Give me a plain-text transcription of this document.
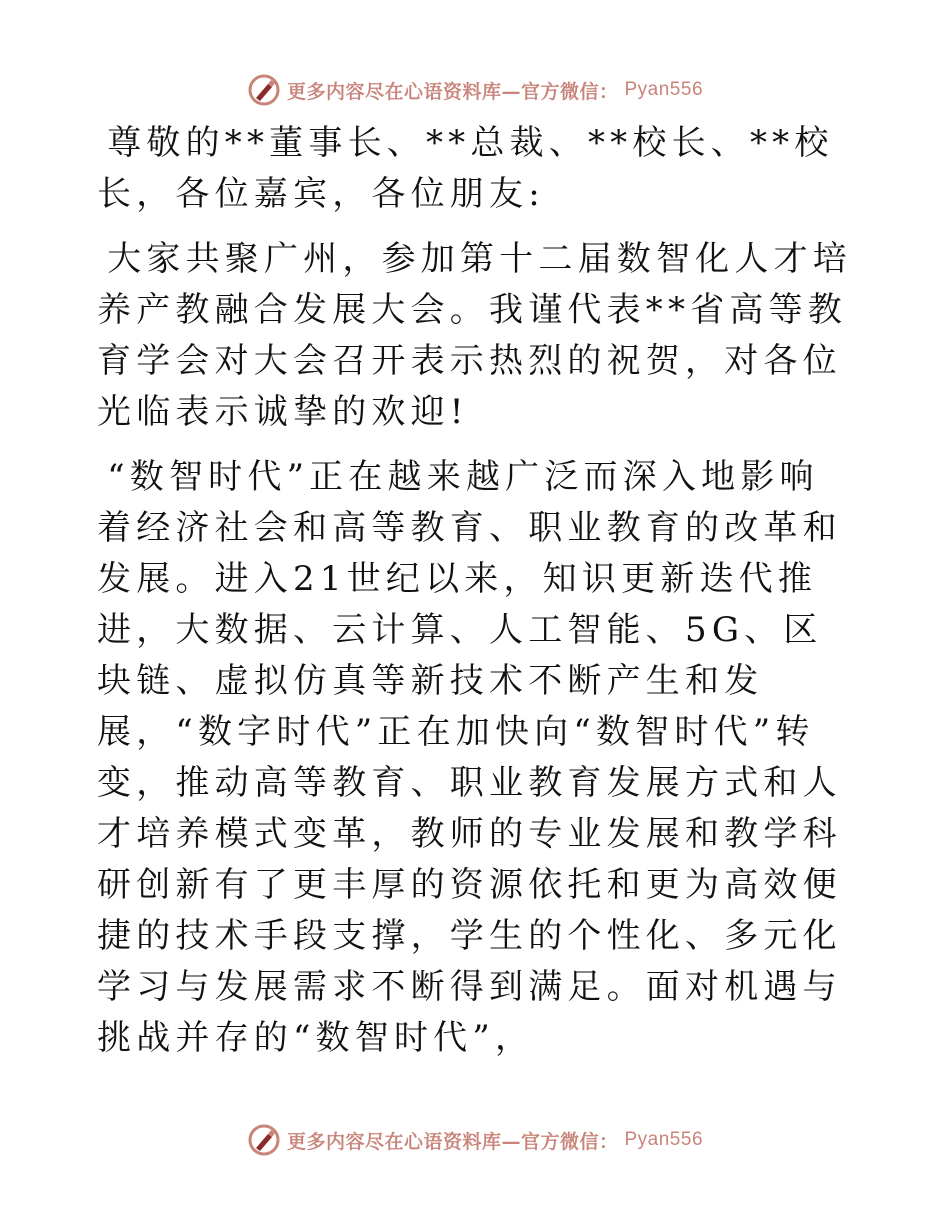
更多内容尽在心语资料库—官方微信： Pyan556

尊敬的**董事长、**总裁、**校长、**校长，各位嘉宾，各位朋友:

大家共聚广州，参加第十二届数智化人才培养产教融合发展大会。我谨代表**省高等教育学会对大会召开表示热烈的祝贺，对各位光临表示诚挚的欢迎!

“数智时代”正在越来越广泛而深入地影响着经济社会和高等教育、职业教育的改革和发展。进入21世纪以来，知识更新迭代推进，大数据、云计算、人工智能、5G、区块链、虚拟仿真等新技术不断产生和发展，“数字时代”正在加快向“数智时代”转变，推动高等教育、职业教育发展方式和人才培养模式变革，教师的专业发展和教学科研创新有了更丰厚的资源依托和更为高效便捷的技术手段支撑，学生的个性化、多元化学习与发展需求不断得到满足。面对机遇与挑战并存的“数智时代”，

更多内容尽在心语资料库—官方微信： Pyan556
